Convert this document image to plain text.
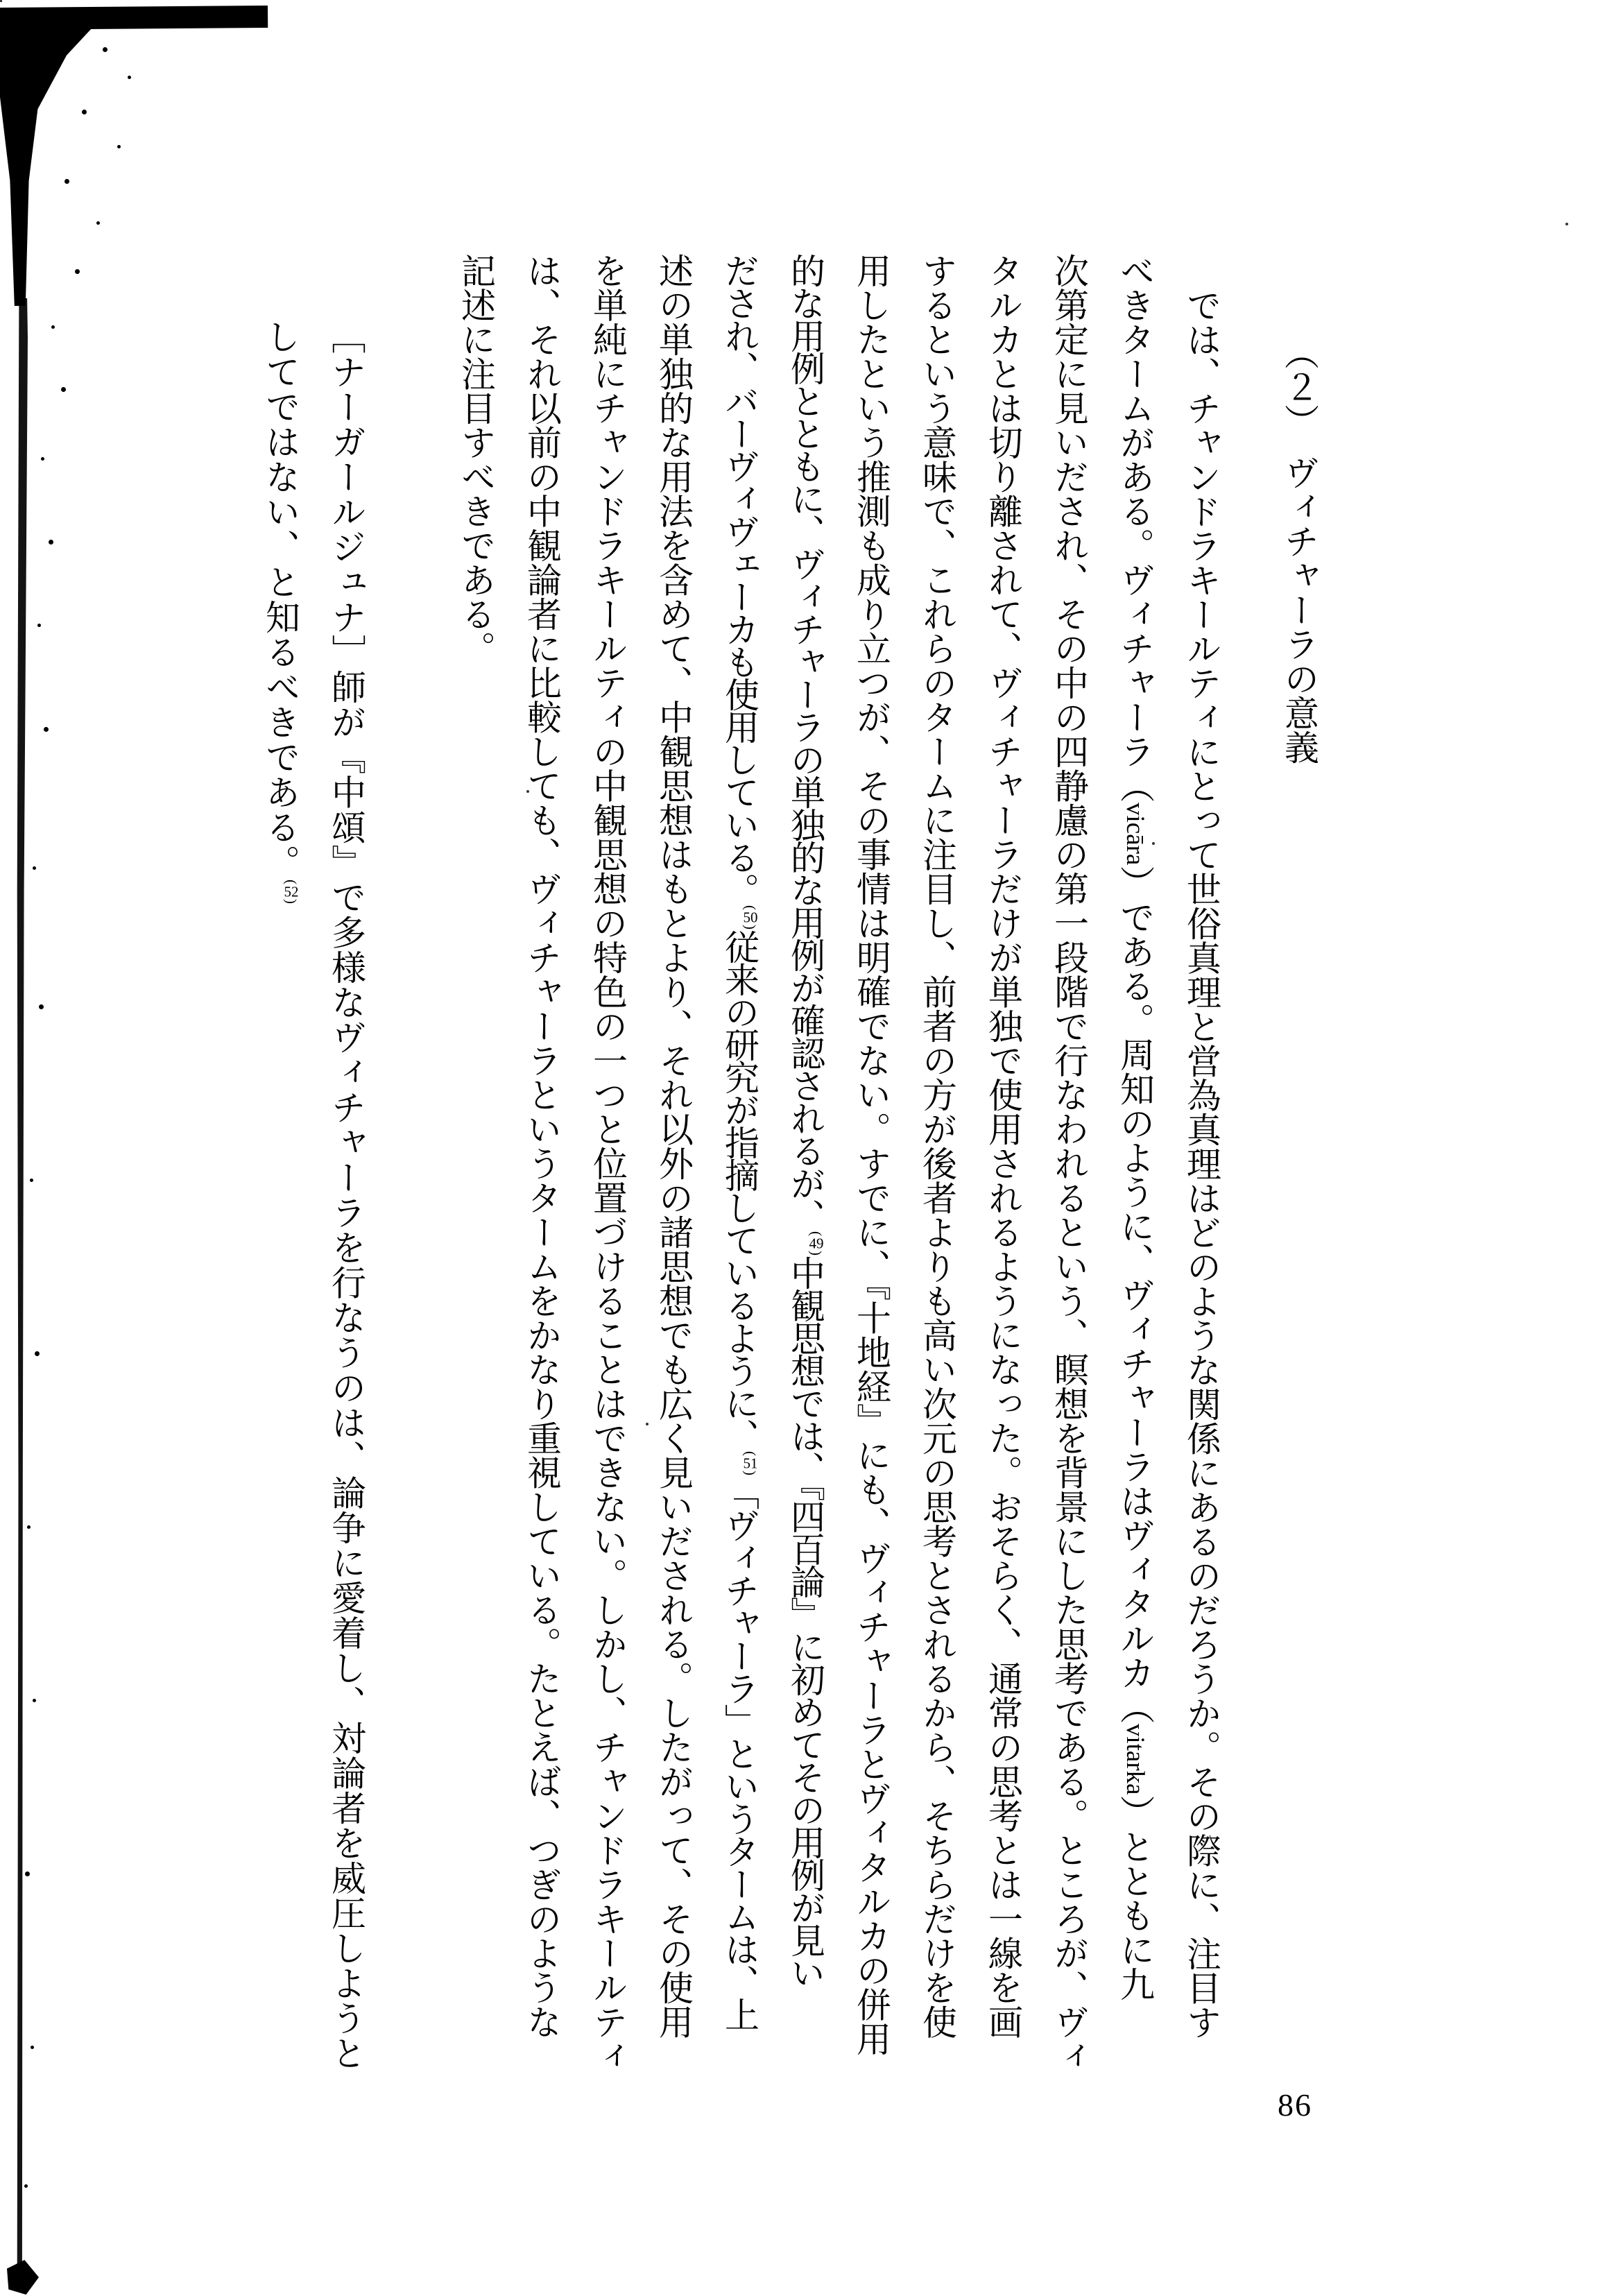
（２）　ヴィチャーラの意義
では、チャンドラキールティにとって世俗真理と営為真理はどのような関係にあるのだろうか。その際に、注目す
べきタームがある。ヴィチャーラ（vicāra）である。周知のように、ヴィチャーラはヴィタルカ（vitarka）とともに九
次第定に見いだされ、その中の四静慮の第一段階で行なわれるという、瞑想を背景にした思考である。ところが、ヴィ
タルカとは切り離されて、ヴィチャーラだけが単独で使用されるようになった。おそらく、通常の思考とは一線を画
するという意味で、これらのタームに注目し、前者の方が後者よりも高い次元の思考とされるから、そちらだけを使
用したという推測も成り立つが、その事情は明確でない。すでに、『十地経』にも、ヴィチャーラとヴィタルカの併用
的な用例とともに、ヴィチャーラの単独的な用例が確認されるが、( $^{49}$ )中観思想では、『四百論』に初めてその用例が見い
だされ、バーヴィヴェーカも使用している。( $^{50}$ )従来の研究が指摘しているように、( $^{51}$ )「ヴィチャーラ」というタームは、上
述の単独的な用法を含めて、中観思想はもとより、それ以外の諸思想でも広く見いだされる。したがって、その使用
を単純にチャンドラキールティの中観思想の特色の一つと位置づけることはできない。しかし、チャンドラキールティ
は、それ以前の中観論者に比較しても、ヴィチャーラというタームをかなり重視している。たとえば、つぎのような
記述に注目すべきである。
［ナーガールジュナ］師が『中頌』で多様なヴィチャーラを行なうのは、論争に愛着し、対論者を威圧しようと
してではない、と知るべきである。( $^{52}$ )
86
